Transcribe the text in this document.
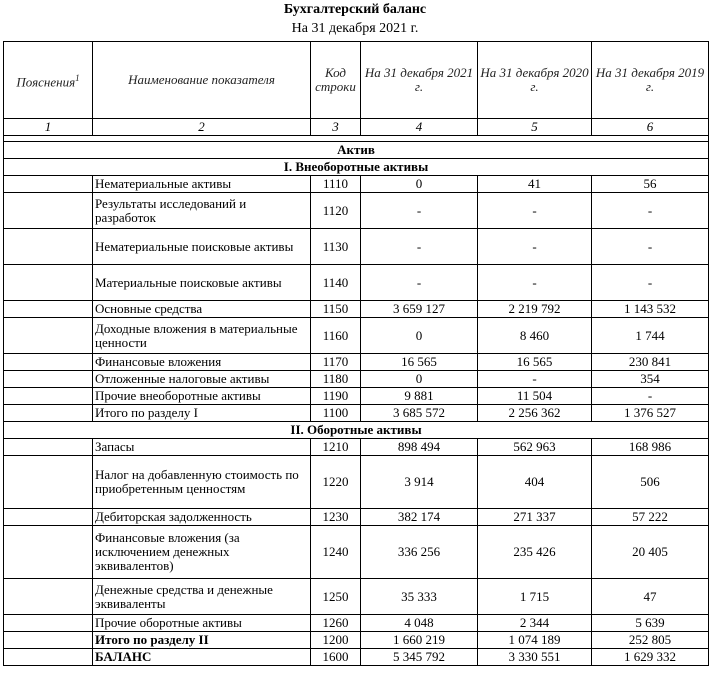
Бухгалтерский баланс
На 31 декабря 2021 г.
Пояснения$^1$	Наименование показателя	Код строки	На 31 декабря 2021 г.	На 31 декабря 2020 г.	На 31 декабря 2019 г.
1	2	3	4	5	6

Актив					
I. Внеоборотные активы					
	Нематериальные активы	1110	0	41	56
	Результаты исследований и разработок	1120	-	-	-
	Нематериальные поисковые активы	1130	-	-	-
	Материальные поисковые активы	1140	-	-	-
	Основные средства	1150	3 659 127	2 219 792	1 143 532
	Доходные вложения в материальные ценности	1160	0	8 460	1 744
	Финансовые вложения	1170	16 565	16 565	230 841
	Отложенные налоговые активы	1180	0	-	354
	Прочие внеоборотные активы	1190	9 881	11 504	-
	Итого по разделу I	1100	3 685 572	2 256 362	1 376 527
II. Оборотные активы					
	Запасы	1210	898 494	562 963	168 986
	Налог на добавленную стоимость по приобретенным ценностям	1220	3 914	404	506
	Дебиторская задолженность	1230	382 174	271 337	57 222
	Финансовые вложения (за исключением денежных эквивалентов)	1240	336 256	235 426	20 405
	Денежные средства и денежные эквиваленты	1250	35 333	1 715	47
	Прочие оборотные активы	1260	4 048	2 344	5 639
	Итого по разделу II	1200	1 660 219	1 074 189	252 805
	БАЛАНС	1600	5 345 792	3 330 551	1 629 332
